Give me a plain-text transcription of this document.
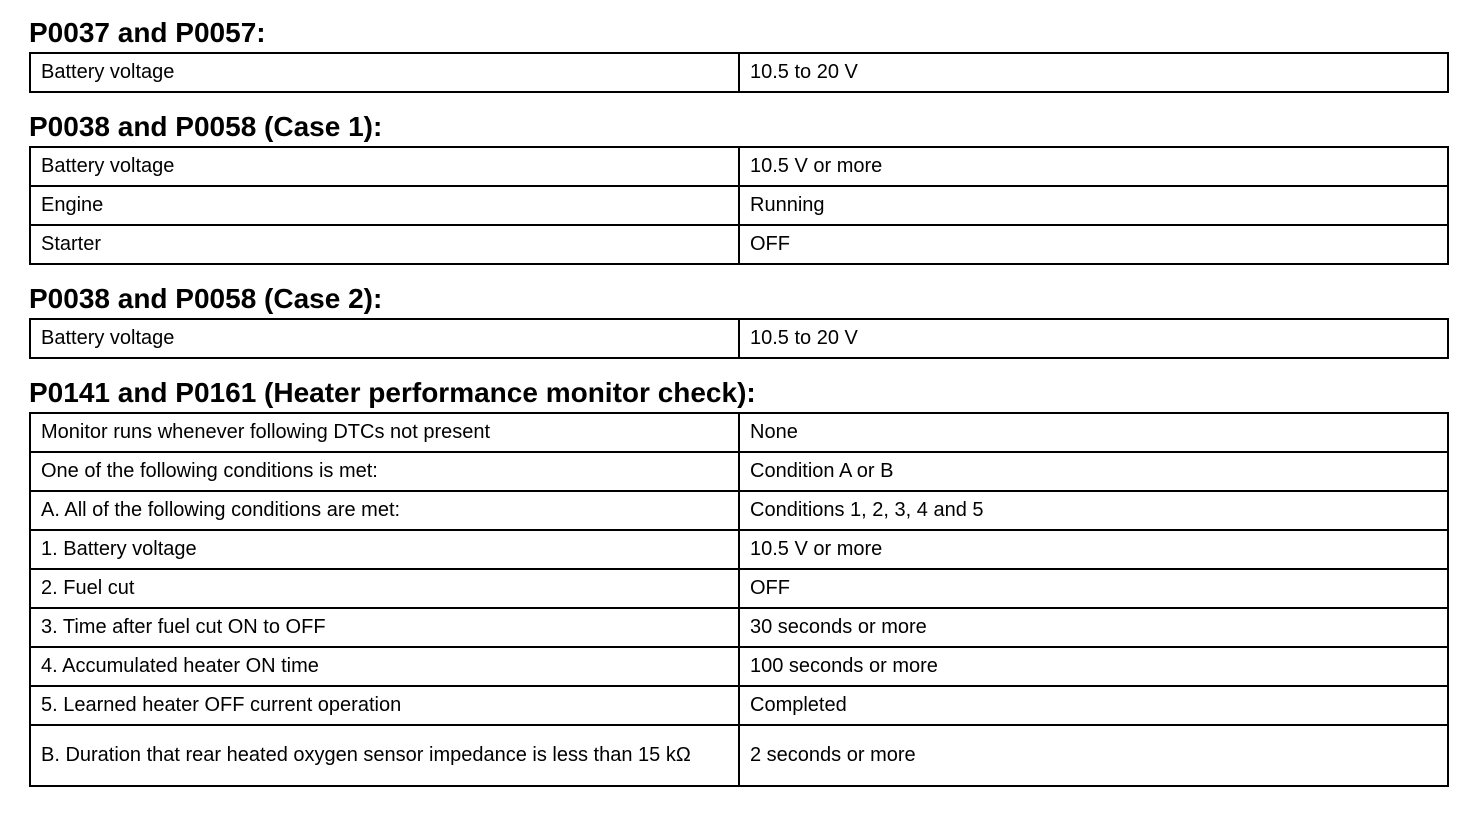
P0037 and P0057:
Battery voltage	10.5 to 20 V
P0038 and P0058 (Case 1):
Battery voltage	10.5 V or more
Engine	Running
Starter	OFF
P0038 and P0058 (Case 2):
Battery voltage	10.5 to 20 V
P0141 and P0161 (Heater performance monitor check):
Monitor runs whenever following DTCs not present	None
One of the following conditions is met:	Condition A or B
A. All of the following conditions are met:	Conditions 1, 2, 3, 4 and 5
1. Battery voltage	10.5 V or more
2. Fuel cut	OFF
3. Time after fuel cut ON to OFF	30 seconds or more
4. Accumulated heater ON time	100 seconds or more
5. Learned heater OFF current operation	Completed
B. Duration that rear heated oxygen sensor impedance is less than 15 kΩ	2 seconds or more
